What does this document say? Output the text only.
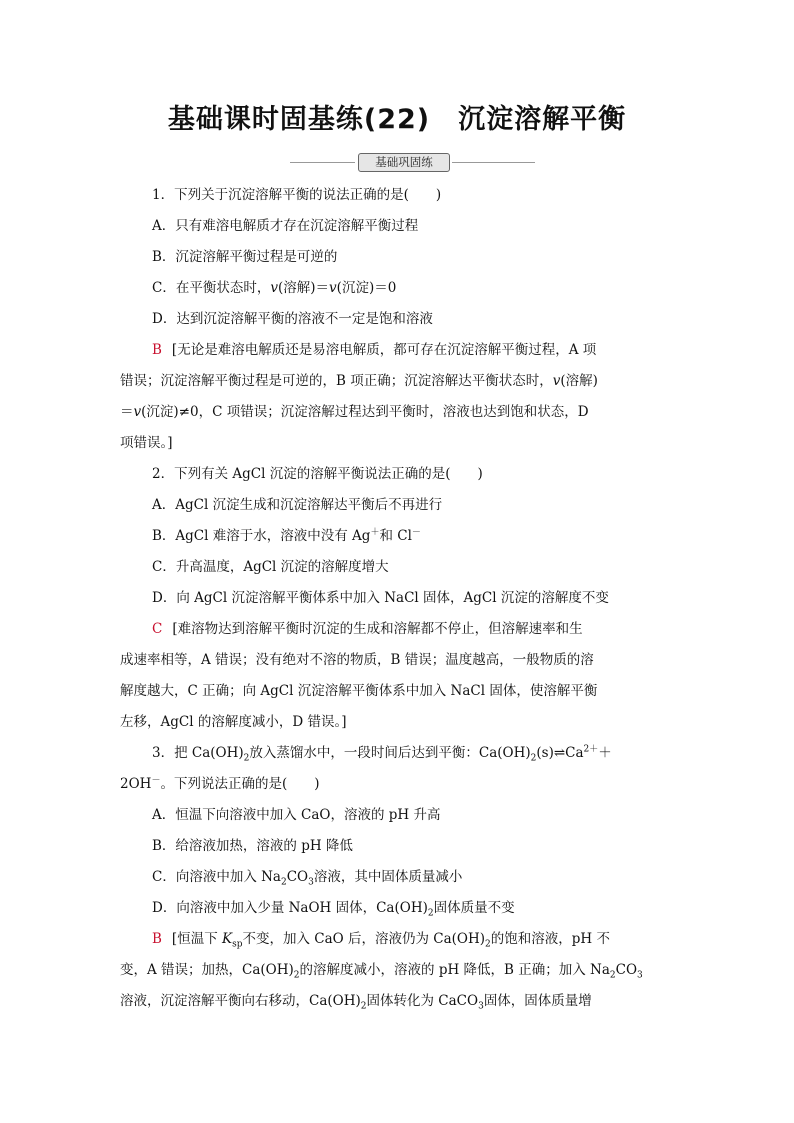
基础课时固基练(22)　沉淀溶解平衡
基础巩固练
1．下列关于沉淀溶解平衡的说法正确的是(　　)
A．只有难溶电解质才存在沉淀溶解平衡过程
B．沉淀溶解平衡过程是可逆的
C．在平衡状态时，v(溶解)＝v(沉淀)＝0
D．达到沉淀溶解平衡的溶液不一定是饱和溶液
B [无论是难溶电解质还是易溶电解质，都可存在沉淀溶解平衡过程，A 项
错误；沉淀溶解平衡过程是可逆的，B 项正确；沉淀溶解达平衡状态时，v(溶解)
＝v(沉淀)≠0，C 项错误；沉淀溶解过程达到平衡时，溶液也达到饱和状态，D
项错误。]
2．下列有关 AgCl 沉淀的溶解平衡说法正确的是(　　)
A．AgCl 沉淀生成和沉淀溶解达平衡后不再进行
B．AgCl 难溶于水，溶液中没有 Ag＋和 Cl－
C．升高温度，AgCl 沉淀的溶解度增大
D．向 AgCl 沉淀溶解平衡体系中加入 NaCl 固体，AgCl 沉淀的溶解度不变
C [难溶物达到溶解平衡时沉淀的生成和溶解都不停止，但溶解速率和生
成速率相等，A 错误；没有绝对不溶的物质，B 错误；温度越高，一般物质的溶
解度越大，C 正确；向 AgCl 沉淀溶解平衡体系中加入 NaCl 固体，使溶解平衡
左移，AgCl 的溶解度减小，D 错误。]
3．把 $Ca(OH)_2$放入蒸馏水中，一段时间后达到平衡：$Ca(OH)_2(s)\rightleftharpoons Ca^{2+}+$
2OH－。下列说法正确的是(　　)
A．恒温下向溶液中加入 CaO，溶液的 pH 升高
B．给溶液加热，溶液的 pH 降低
C．向溶液中加入 $Na_2CO_3$溶液，其中固体质量减小
D．向溶液中加入少量 NaOH 固体，$Ca(OH)_2$固体质量不变
B [恒温下 $K_{sp}$不变，加入 CaO 后，溶液仍为 $Ca(OH)_2$的饱和溶液，pH 不
变，A 错误；加热，$Ca(OH)_2$的溶解度减小，溶液的 pH 降低，B 正确；加入 $Na_2CO_3$
溶液，沉淀溶解平衡向右移动，$Ca(OH)_2$固体转化为 CaCO$_3$固体，固体质量增
